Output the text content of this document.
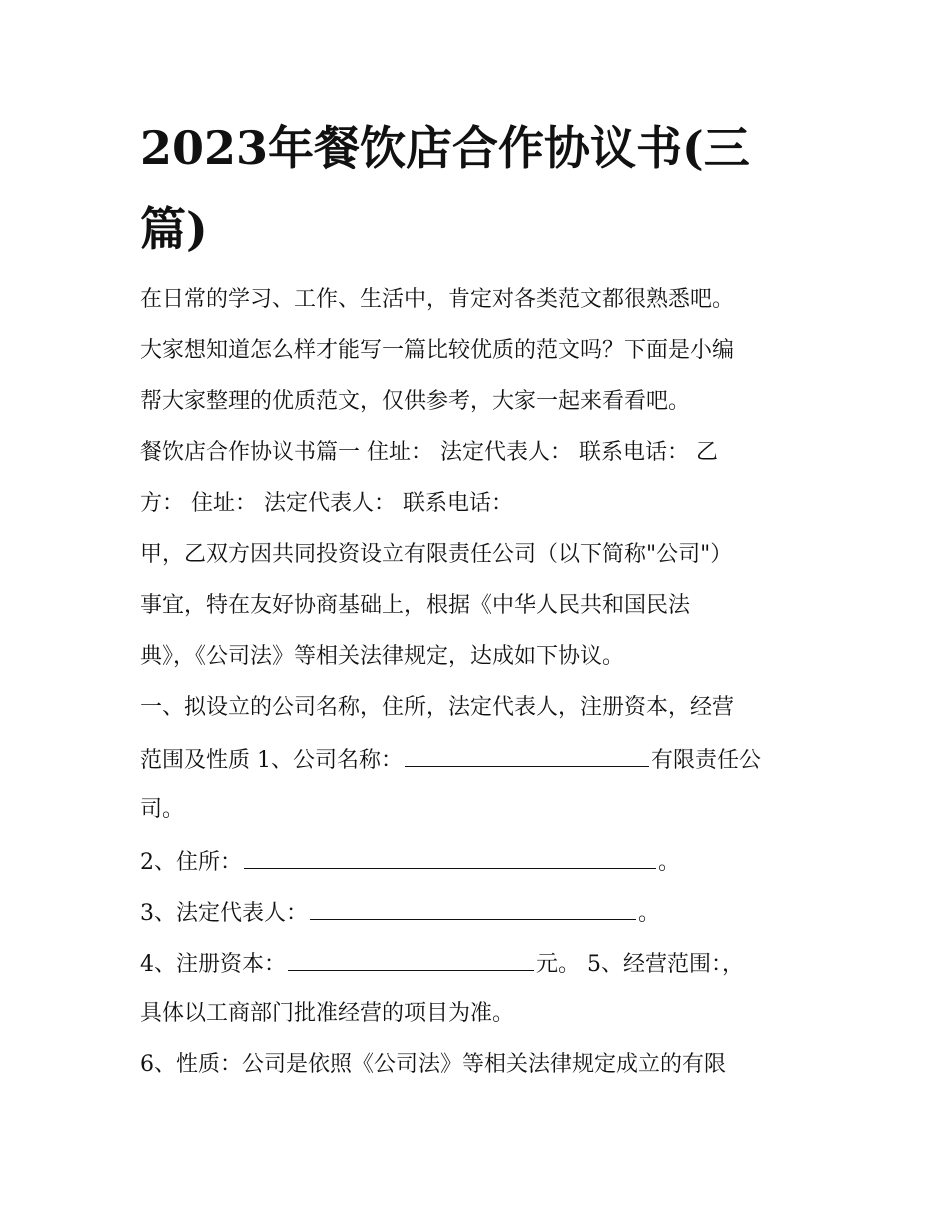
2023年餐饮店合作协议书(三
篇)

在日常的学习、工作、生活中，肯定对各类范文都很熟悉吧。

大家想知道怎么样才能写一篇比较优质的范文吗？下面是小编

帮大家整理的优质范文，仅供参考，大家一起来看看吧。

餐饮店合作协议书篇一 住址： 法定代表人： 联系电话： 乙

方： 住址： 法定代表人： 联系电话：

甲，乙双方因共同投资设立有限责任公司（以下简称"公司"）

事宜，特在友好协商基础上，根据《中华人民共和国民法

典》，《公司法》等相关法律规定，达成如下协议。

一、拟设立的公司名称，住所，法定代表人，注册资本，经营

范围及性质 1、公司名称：	有限责任公

司。

2、住所：	。

3、法定代表人：	。

4、注册资本：	元。 5、经营范围：，

具体以工商部门批准经营的项目为准。

6、性质：公司是依照《公司法》等相关法律规定成立的有限
